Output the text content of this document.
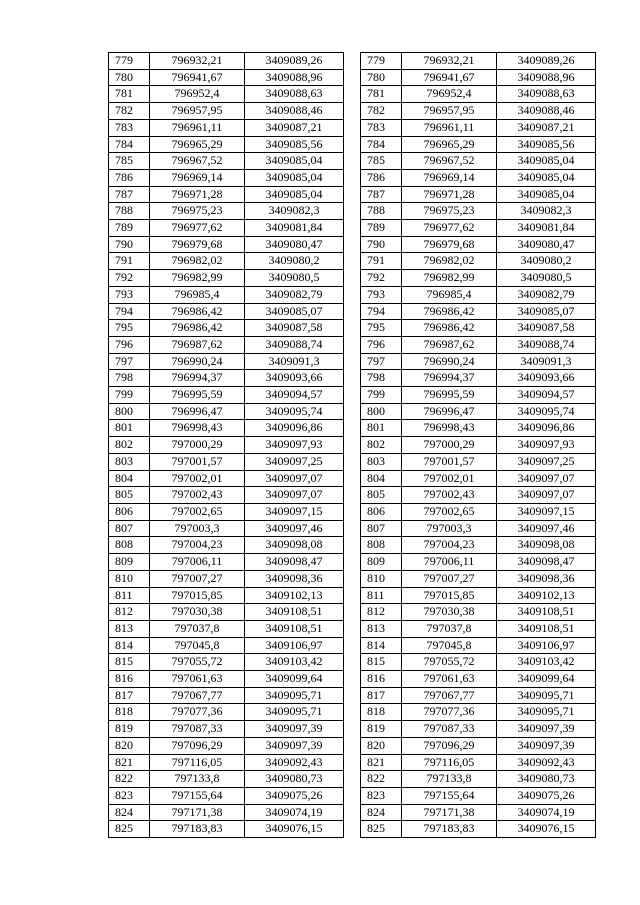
779	796932,21	3409089,26
780	796941,67	3409088,96
781	796952,4	3409088,63
782	796957,95	3409088,46
783	796961,11	3409087,21
784	796965,29	3409085,56
785	796967,52	3409085,04
786	796969,14	3409085,04
787	796971,28	3409085,04
788	796975,23	3409082,3
789	796977,62	3409081,84
790	796979,68	3409080,47
791	796982,02	3409080,2
792	796982,99	3409080,5
793	796985,4	3409082,79
794	796986,42	3409085,07
795	796986,42	3409087,58
796	796987,62	3409088,74
797	796990,24	3409091,3
798	796994,37	3409093,66
799	796995,59	3409094,57
800	796996,47	3409095,74
801	796998,43	3409096,86
802	797000,29	3409097,93
803	797001,57	3409097,25
804	797002,01	3409097,07
805	797002,43	3409097,07
806	797002,65	3409097,15
807	797003,3	3409097,46
808	797004,23	3409098,08
809	797006,11	3409098,47
810	797007,27	3409098,36
811	797015,85	3409102,13
812	797030,38	3409108,51
813	797037,8	3409108,51
814	797045,8	3409106,97
815	797055,72	3409103,42
816	797061,63	3409099,64
817	797067,77	3409095,71
818	797077,36	3409095,71
819	797087,33	3409097,39
820	797096,29	3409097,39
821	797116,05	3409092,43
822	797133,8	3409080,73
823	797155,64	3409075,26
824	797171,38	3409074,19
825	797183,83	3409076,15
779	796932,21	3409089,26
780	796941,67	3409088,96
781	796952,4	3409088,63
782	796957,95	3409088,46
783	796961,11	3409087,21
784	796965,29	3409085,56
785	796967,52	3409085,04
786	796969,14	3409085,04
787	796971,28	3409085,04
788	796975,23	3409082,3
789	796977,62	3409081,84
790	796979,68	3409080,47
791	796982,02	3409080,2
792	796982,99	3409080,5
793	796985,4	3409082,79
794	796986,42	3409085,07
795	796986,42	3409087,58
796	796987,62	3409088,74
797	796990,24	3409091,3
798	796994,37	3409093,66
799	796995,59	3409094,57
800	796996,47	3409095,74
801	796998,43	3409096,86
802	797000,29	3409097,93
803	797001,57	3409097,25
804	797002,01	3409097,07
805	797002,43	3409097,07
806	797002,65	3409097,15
807	797003,3	3409097,46
808	797004,23	3409098,08
809	797006,11	3409098,47
810	797007,27	3409098,36
811	797015,85	3409102,13
812	797030,38	3409108,51
813	797037,8	3409108,51
814	797045,8	3409106,97
815	797055,72	3409103,42
816	797061,63	3409099,64
817	797067,77	3409095,71
818	797077,36	3409095,71
819	797087,33	3409097,39
820	797096,29	3409097,39
821	797116,05	3409092,43
822	797133,8	3409080,73
823	797155,64	3409075,26
824	797171,38	3409074,19
825	797183,83	3409076,15
